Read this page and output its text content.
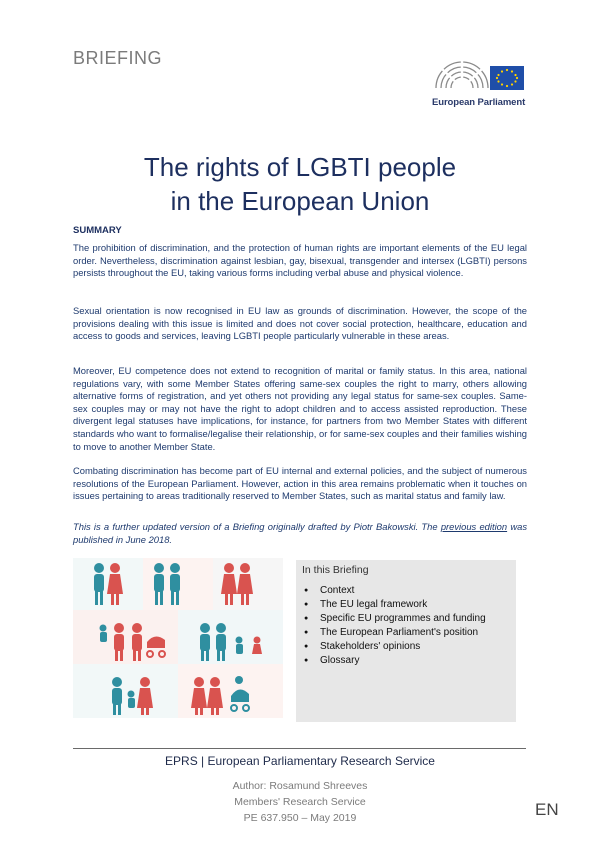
BRIEFING
European Parliament
The rights of LGBTI people
in the European Union
SUMMARY
The prohibition of discrimination, and the protection of human rights are important elements of the EU legal order. Nevertheless, discrimination against lesbian, gay, bisexual, transgender and intersex (LGBTI) persons persists throughout the EU, taking various forms including verbal abuse and physical violence.
Sexual orientation is now recognised in EU law as grounds of discrimination. However, the scope of the provisions dealing with this issue is limited and does not cover social protection, healthcare, education and access to goods and services, leaving LGBTI people particularly vulnerable in these areas.
Moreover, EU competence does not extend to recognition of marital or family status. In this area, national regulations vary, with some Member States offering same-sex couples the right to marry, others allowing alternative forms of registration, and yet others not providing any legal status for same-sex couples. Same-sex couples may or may not have the right to adopt children and to access assisted reproduction. These divergent legal statuses have implications, for instance, for partners from two Member States with different standards who want to formalise/legalise their relationship, or for same-sex couples and their families wishing to move to another Member State.
Combating discrimination has become part of EU internal and external policies, and the subject of numerous resolutions of the European Parliament. However, action in this area remains problematic when it touches on issues pertaining to areas traditionally reserved to Member States, such as marital status and family law.
This is a further updated version of a Briefing originally drafted by Piotr Bakowski. The previous edition was published in June 2018.
In this Briefing
● Context
● The EU legal framework
● Specific EU programmes and funding
● The European Parliament's position
● Stakeholders' opinions
● Glossary
EPRS | European Parliamentary Research Service
Author: Rosamund Shreeves
Members' Research Service
PE 637.950 – May 2019	EN
